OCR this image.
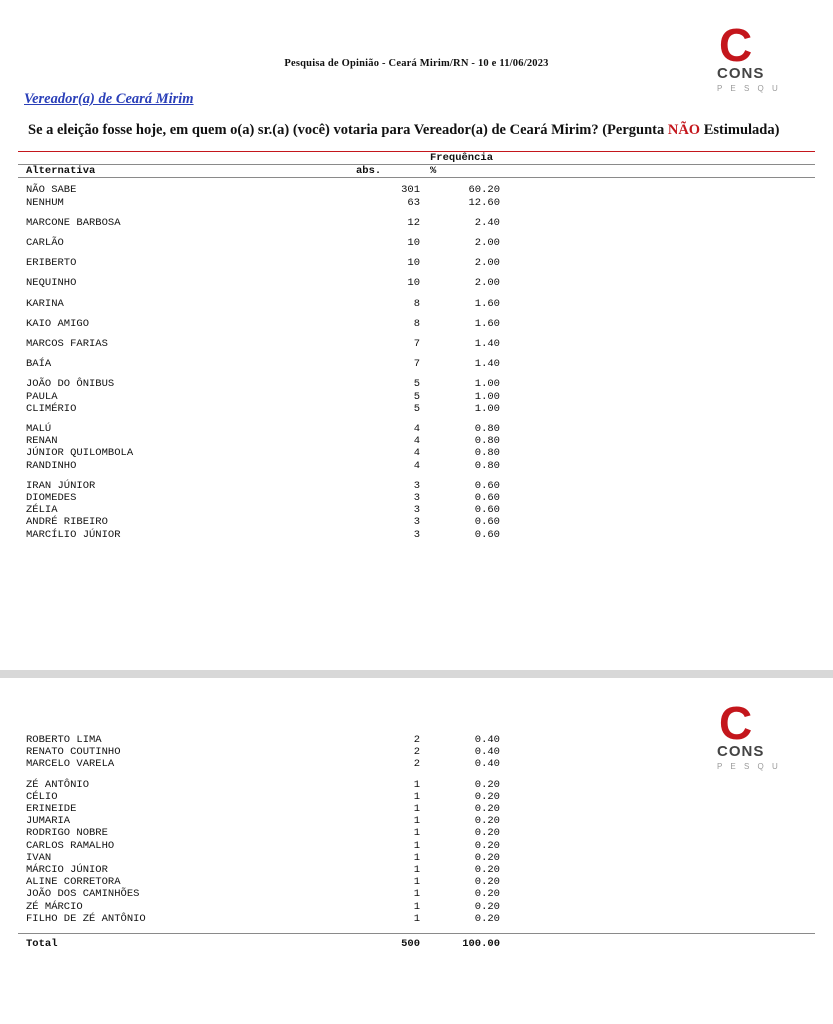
C
CONS
P E S Q U
Pesquisa de Opinião - Ceará Mirim/RN - 10 e 11/06/2023
Vereador(a) de Ceará Mirim
Se a eleição fosse hoje, em quem o(a) sr.(a) (você) votaria para Vereador(a) de Ceará Mirim? (Pergunta NÃO Estimulada)
	Frequência		
Alternativa	abs.	%	

NÃO SABE	301	60.20	
NENHUM	63	12.60	

MARCONE BARBOSA	12	2.40	

CARLÃO	10	2.00	

ERIBERTO	10	2.00	

NEQUINHO	10	2.00	

KARINA	8	1.60	

KAIO AMIGO	8	1.60	

MARCOS FARIAS	7	1.40	

BAÍA	7	1.40	

JOÃO DO ÔNIBUS	5	1.00	
PAULA	5	1.00	
CLIMÉRIO	5	1.00	

MALÚ	4	0.80	
RENAN	4	0.80	
JÚNIOR QUILOMBOLA	4	0.80	
RANDINHO	4	0.80	

IRAN JÚNIOR	3	0.60	
DIOMEDES	3	0.60	
ZÉLIA	3	0.60	
ANDRÉ RIBEIRO	3	0.60	
MARCÍLIO JÚNIOR	3	0.60	
C
CONS
P E S Q U
ROBERTO LIMA	2	0.40	
RENATO COUTINHO	2	0.40	
MARCELO VARELA	2	0.40	

ZÉ ANTÔNIO	1	0.20	
CÉLIO	1	0.20	
ERINEIDE	1	0.20	
JUMARIA	1	0.20	
RODRIGO NOBRE	1	0.20	
CARLOS RAMALHO	1	0.20	
IVAN	1	0.20	
MÁRCIO JÚNIOR	1	0.20	
ALINE CORRETORA	1	0.20	
JOÃO DOS CAMINHÕES	1	0.20	
ZÉ MÁRCIO	1	0.20	
FILHO DE ZÉ ANTÔNIO	1	0.20	

Total	500	100.00	
